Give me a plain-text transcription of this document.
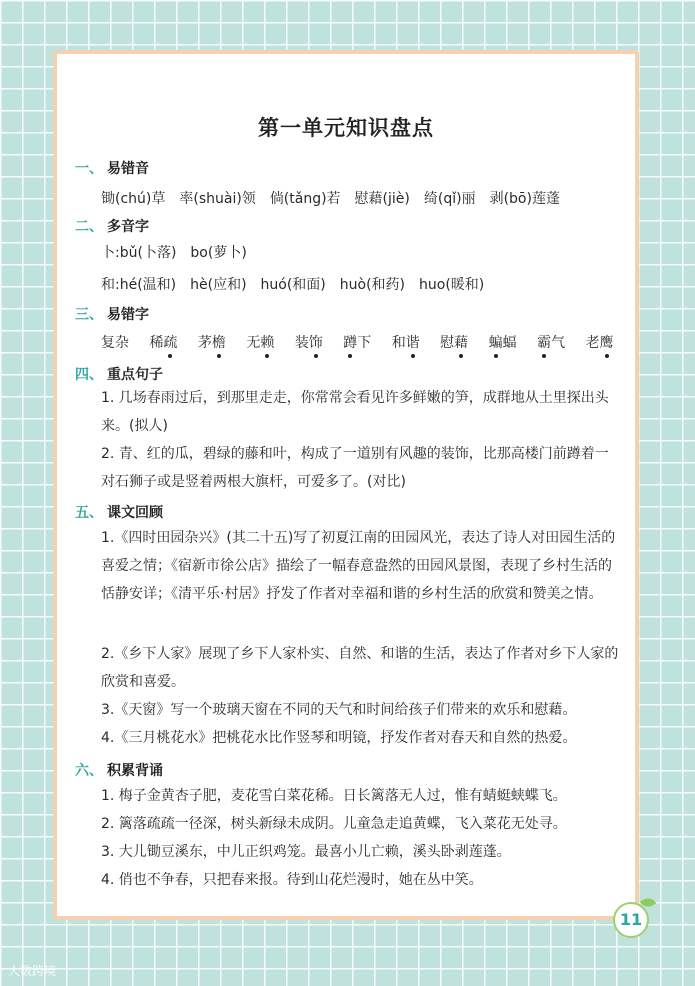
第一单元知识盘点
一、 易错音
锄(chú)草　率(shuài)领　倘(tǎng)若　慰藉(jiè)　绮(qǐ)丽　剥(bō)莲蓬
二、 多音字
卜:bǔ(卜落)　bo(萝卜)
和:hé(温和)　hè(应和)　huó(和面)　huò(和药)　huo(暖和)
三、 易错字
复杂 稀疏 茅檐 无赖 装饰 蹲下 和谐 慰藉 蝙蝠 霸气 老鹰
四、 重点句子
1. 几场春雨过后，到那里走走，你常常会看见许多鲜嫩的笋，成群地从土里探出头来。(拟人)
2. 青、红的瓜，碧绿的藤和叶，构成了一道别有风趣的装饰，比那高楼门前蹲着一对石狮子或是竖着两根大旗杆，可爱多了。(对比)
五、 课文回顾
1.《四时田园杂兴》(其二十五)写了初夏江南的田园风光，表达了诗人对田园生活的喜爱之情；《宿新市徐公店》描绘了一幅春意盎然的田园风景图，表现了乡村生活的恬静安详；《清平乐·村居》抒发了作者对幸福和谐的乡村生活的欣赏和赞美之情。
2.《乡下人家》展现了乡下人家朴实、自然、和谐的生活，表达了作者对乡下人家的欣赏和喜爱。
3.《天窗》写一个玻璃天窗在不同的天气和时间给孩子们带来的欢乐和慰藉。
4.《三月桃花水》把桃花水比作竖琴和明镜，抒发作者对春天和自然的热爱。
六、 积累背诵
1. 梅子金黄杏子肥，麦花雪白菜花稀。日长篱落无人过，惟有蜻蜓蛱蝶飞。
2. 篱落疏疏一径深，树头新绿未成阴。儿童急走追黄蝶，飞入菜花无处寻。
3. 大儿锄豆溪东，中儿正织鸡笼。最喜小儿亡赖，溪头卧剥莲蓬。
4. 俏也不争春，只把春来报。待到山花烂漫时，她在丛中笑。
11
大数跨境
